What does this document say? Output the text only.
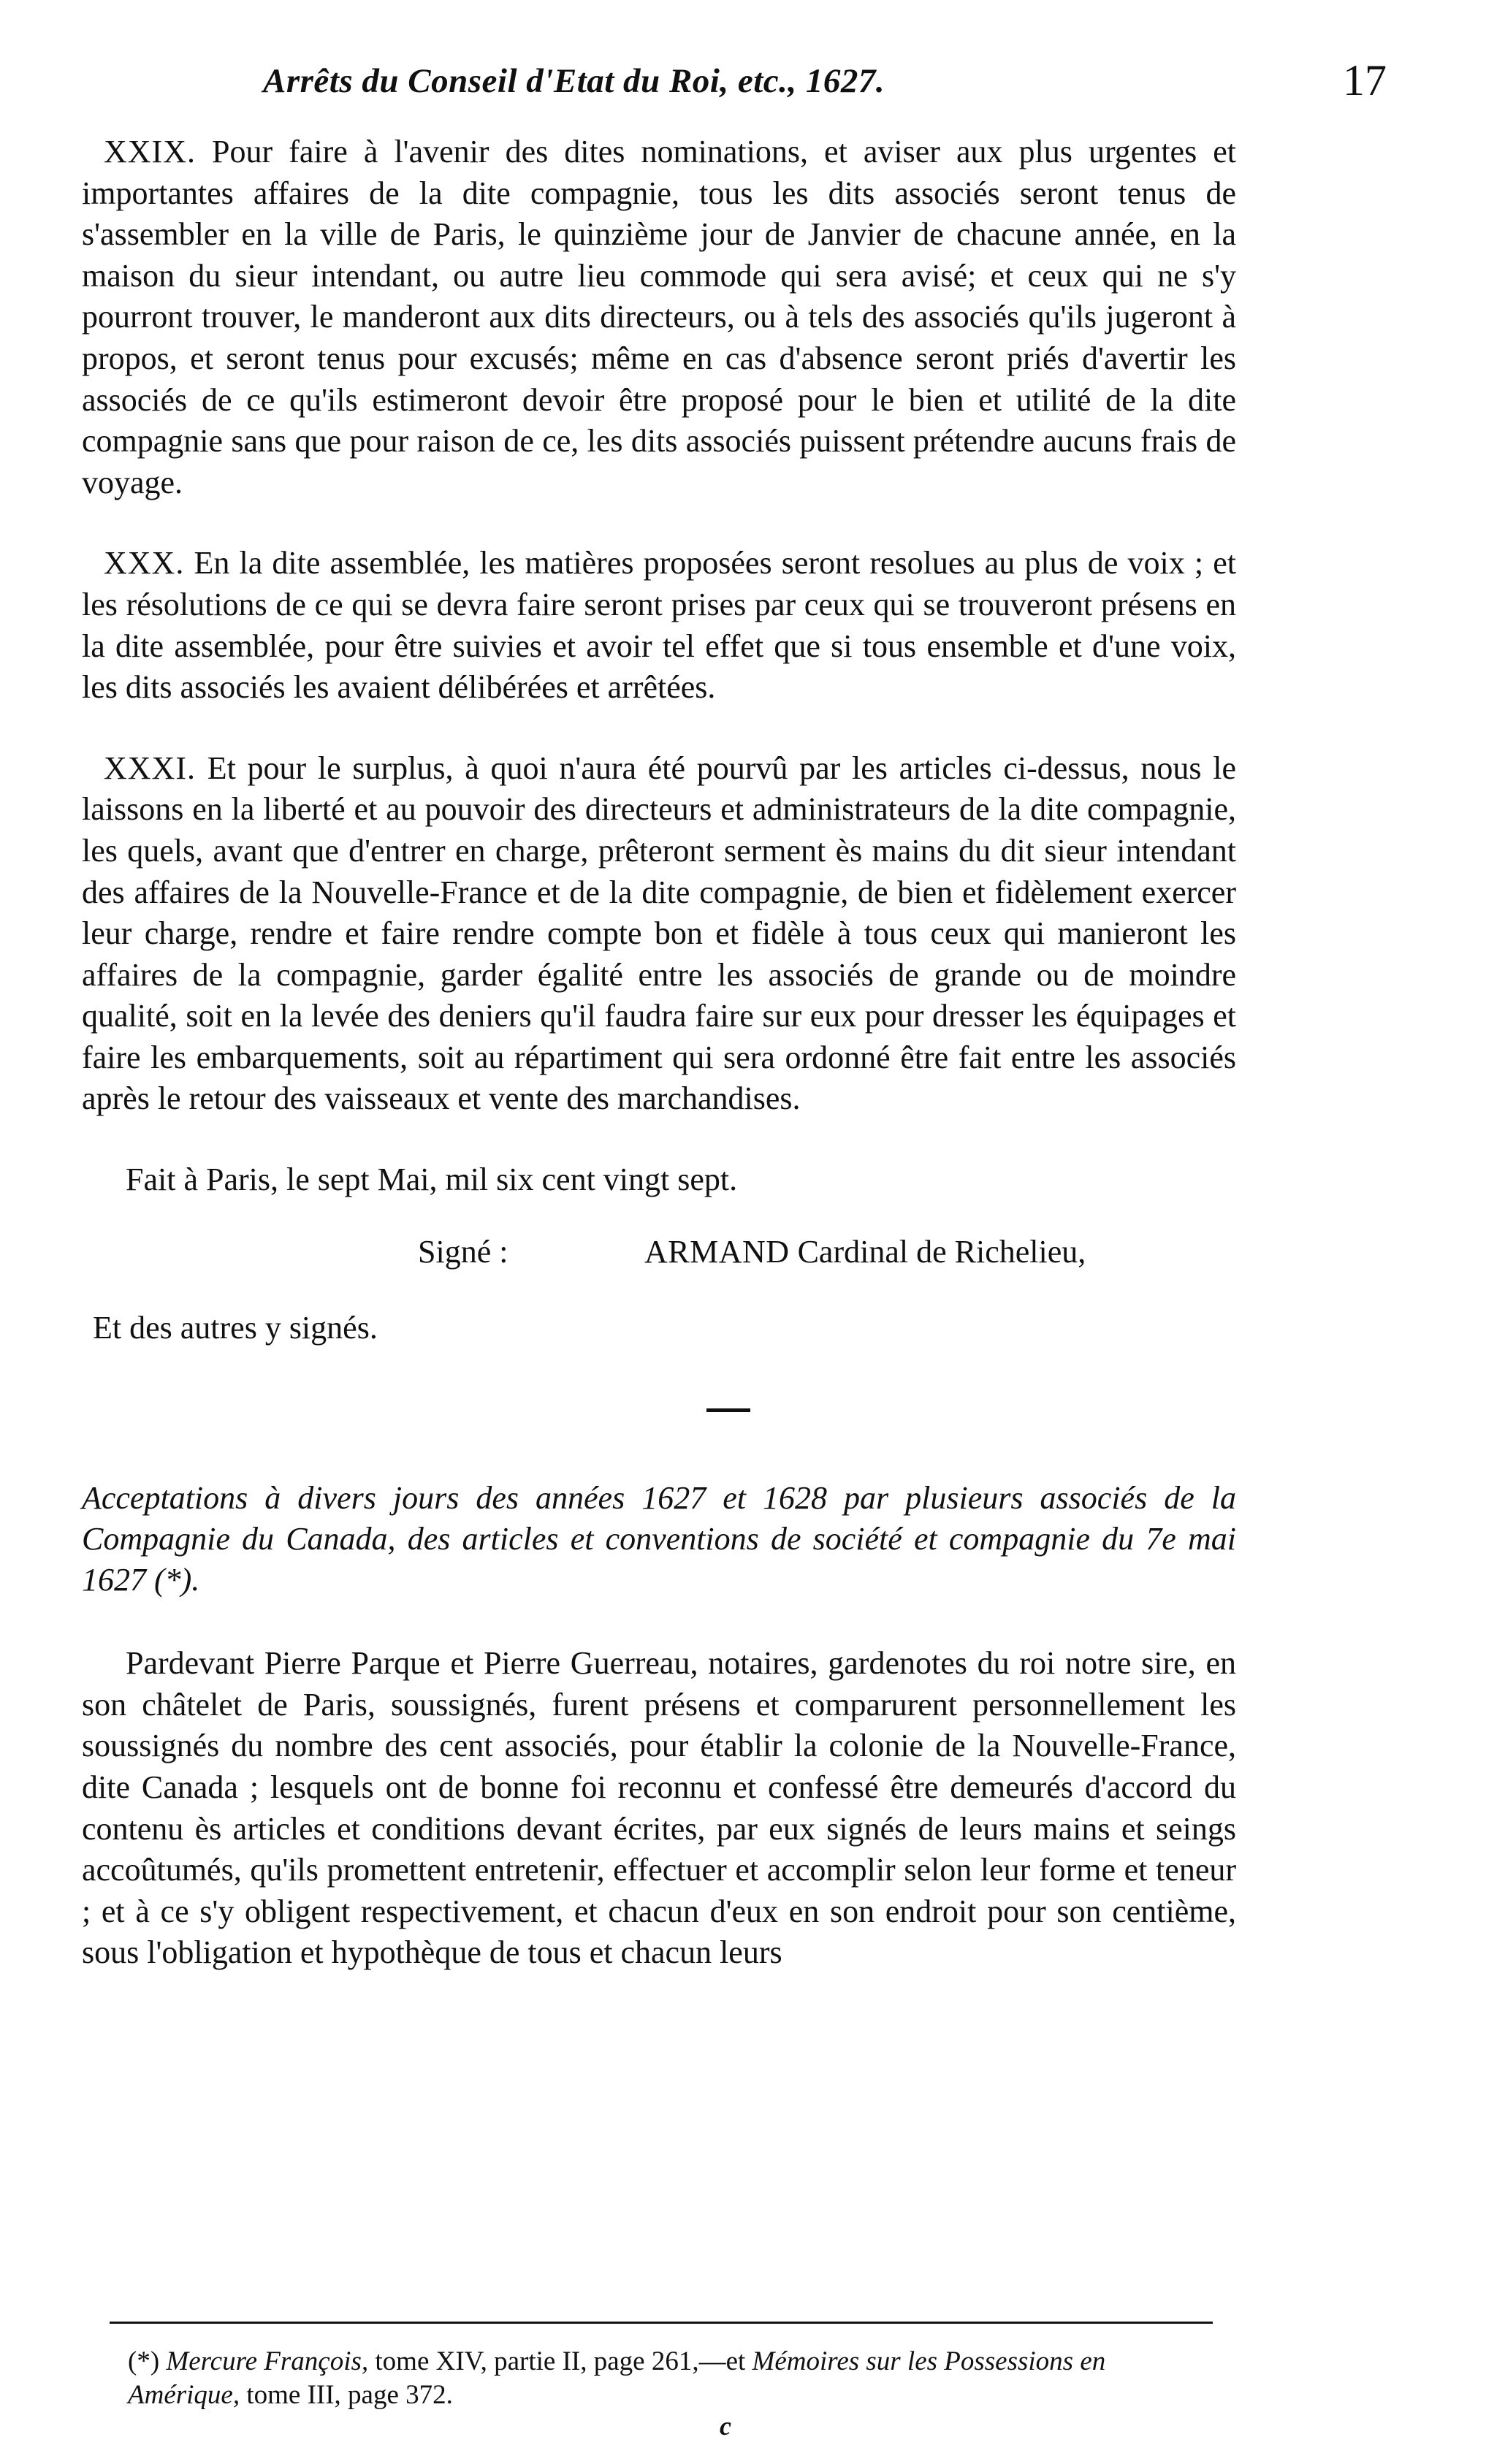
Arrêts du Conseil d'Etat du Roi, etc., 1627.	17

XXIX. Pour faire à l'avenir des dites nominations, et aviser aux plus urgentes et importantes affaires de la dite compagnie, tous les dits associés seront tenus de s'assembler en la ville de Paris, le quinzième jour de Janvier de chacune année, en la maison du sieur intendant, ou autre lieu commode qui sera avisé; et ceux qui ne s'y pourront trouver, le manderont aux dits directeurs, ou à tels des associés qu'ils jugeront à propos, et seront tenus pour excusés; même en cas d'absence seront priés d'avertir les associés de ce qu'ils estimeront devoir être proposé pour le bien et utilité de la dite compagnie sans que pour raison de ce, les dits associés puissent prétendre aucuns frais de voyage.

XXX. En la dite assemblée, les matières proposées seront resolues au plus de voix ; et les résolutions de ce qui se devra faire seront prises par ceux qui se trouveront présens en la dite assemblée, pour être suivies et avoir tel effet que si tous ensemble et d'une voix, les dits associés les avaient délibérées et arrêtées.

XXXI. Et pour le surplus, à quoi n'aura été pourvû par les articles ci-dessus, nous le laissons en la liberté et au pouvoir des directeurs et administrateurs de la dite compagnie, les quels, avant que d'entrer en charge, prêteront serment ès mains du dit sieur intendant des affaires de la Nouvelle-France et de la dite compagnie, de bien et fidèlement exercer leur charge, rendre et faire rendre compte bon et fidèle à tous ceux qui manieront les affaires de la compagnie, garder égalité entre les associés de grande ou de moindre qualité, soit en la levée des deniers qu'il faudra faire sur eux pour dresser les équipages et faire les embarquements, soit au répartiment qui sera ordonné être fait entre les associés après le retour des vaisseaux et vente des marchandises.

Fait à Paris, le sept Mai, mil six cent vingt sept.

Signé :	ARMAND Cardinal de Richelieu,

Et des autres y signés.

Acceptations à divers jours des années 1627 et 1628 par plusieurs associés de la Compagnie du Canada, des articles et conventions de société et compagnie du 7e mai 1627 (*).

Pardevant Pierre Parque et Pierre Guerreau, notaires, gardenotes du roi notre sire, en son châtelet de Paris, soussignés, furent présens et comparurent personnellement les soussignés du nombre des cent associés, pour établir la colonie de la Nouvelle-France, dite Canada ; lesquels ont de bonne foi reconnu et confessé être demeurés d'accord du contenu ès articles et conditions devant écrites, par eux signés de leurs mains et seings accoûtumés, qu'ils promettent entretenir, effectuer et accomplir selon leur forme et teneur ; et à ce s'y obligent respectivement, et chacun d'eux en son endroit pour son centième, sous l'obligation et hypothèque de tous et chacun leurs

(*) Mercure François, tome XIV, partie II, page 261,—et Mémoires sur les Possessions en Amérique, tome III, page 372.
c
